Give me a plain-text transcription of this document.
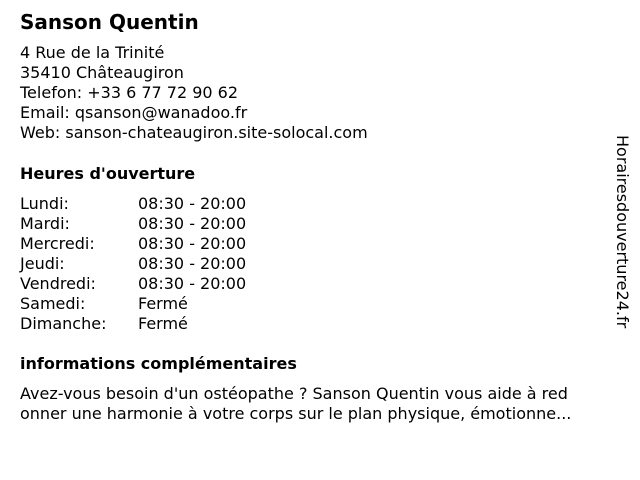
Sanson Quentin
4 Rue de la Trinité
35410 Châteaugiron
Telefon: +33 6 77 72 90 62
Email: qsanson@wanadoo.fr
Web: sanson-chateaugiron.site-solocal.com
Heures d'ouverture
Lundi:	08:30 - 20:00
Mardi:	08:30 - 20:00
Mercredi:	08:30 - 20:00
Jeudi:	08:30 - 20:00
Vendredi:	08:30 - 20:00
Samedi:	Fermé
Dimanche: Fermé
informations complémentaires
Avez-vous besoin d'un ostéopathe ? Sanson Quentin vous aide à red
onner une harmonie à votre corps sur le plan physique, émotionne...
Horairesdouverture24.fr
